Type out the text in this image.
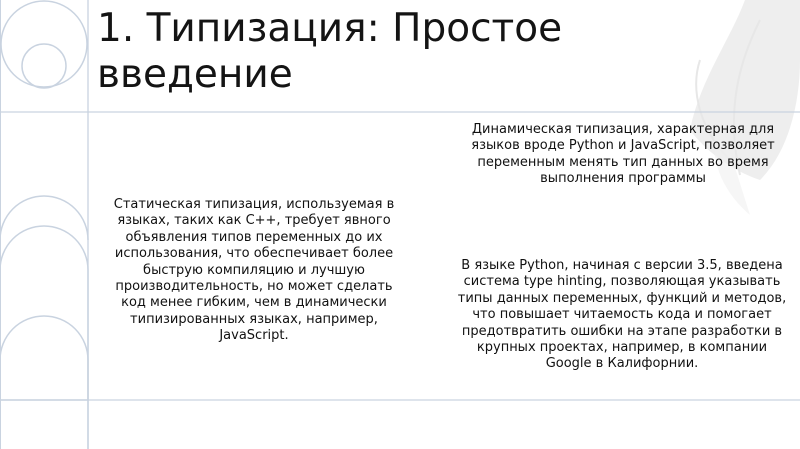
1. Типизация: Простое введение

Статическая типизация, используемая в языках, таких как C++, требует явного объявления типов переменных до их использования, что обеспечивает более быструю компиляцию и лучшую производительность, но может сделать код менее гибким, чем в динамически типизированных языках, например, JavaScript.

Динамическая типизация, характерная для языков вроде Python и JavaScript, позволяет переменным менять тип данных во время выполнения программы

В языке Python, начиная с версии 3.5, введена система type hinting, позволяющая указывать типы данных переменных, функций и методов, что повышает читаемость кода и помогает предотвратить ошибки на этапе разработки в крупных проектах, например, в компании Google в Калифорнии.
